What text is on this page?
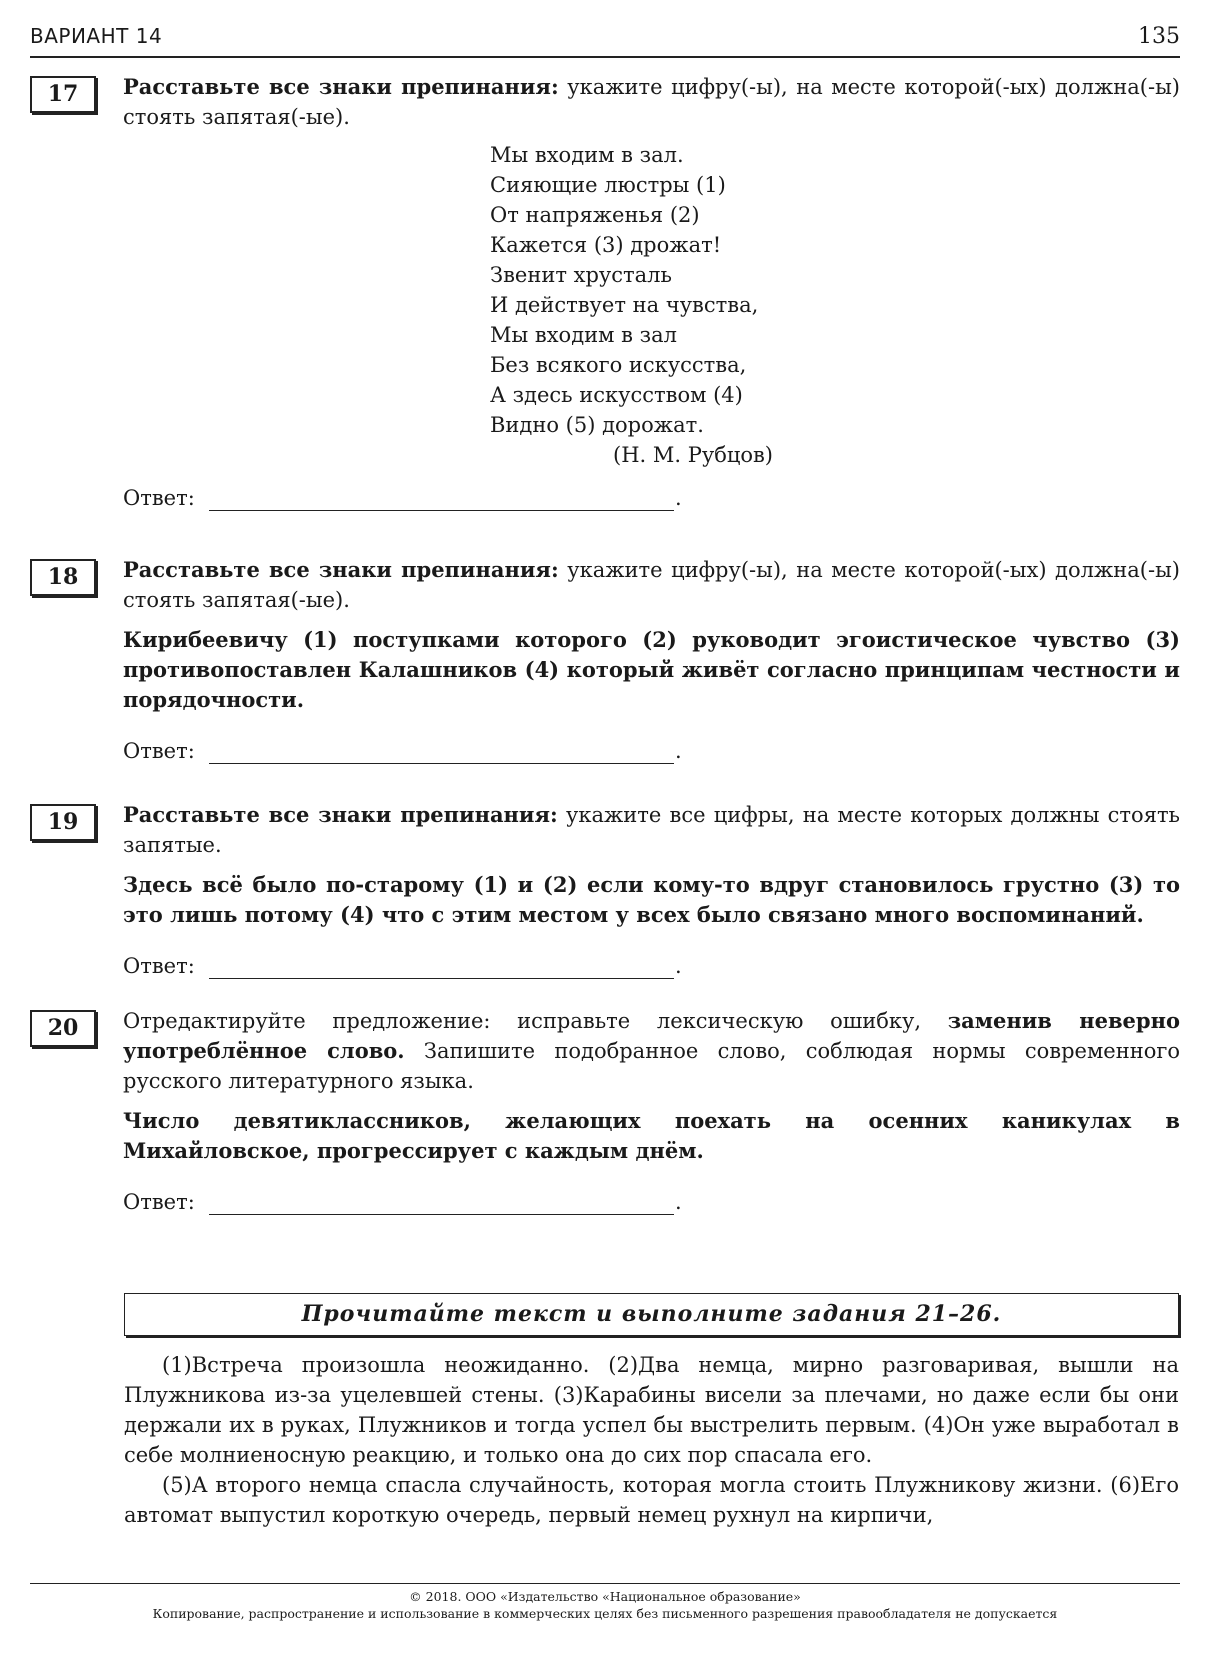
ВАРИАНТ 14	135
17	Расставьте все знаки препинания: укажите цифру(-ы), на месте которой(-ых) должна(-ы) стоять запятая(-ые).

Мы входим в зал.
Сияющие люстры (1)
От напряженья (2)
Кажется (3) дрожат!
Звенит хрусталь
И действует на чувства,
Мы входим в зал
Без всякого искусства,
А здесь искусством (4)
Видно (5) дорожат.
(Н. М. Рубцов)
Ответ:	.
18	Расставьте все знаки препинания: укажите цифру(-ы), на месте которой(-ых) должна(-ы) стоять запятая(-ые).

Кирибеевичу (1) поступками которого (2) руководит эгоистическое чувство (3) противопоставлен Калашников (4) который живёт согласно принципам честности и порядочности.

Ответ:	.
19	Расставьте все знаки препинания: укажите все цифры, на месте которых должны стоять запятые.

Здесь всё было по-старому (1) и (2) если кому-то вдруг становилось грустно (3) то это лишь потому (4) что с этим местом у всех было связано много воспоминаний.

Ответ:	.
20	Отредактируйте предложение: исправьте лексическую ошибку, заменив неверно употреблённое слово. Запишите подобранное слово, соблюдая нормы современного русского литературного языка.

Число девятиклассников, желающих поехать на осенних каникулах в Михайловское, прогрессирует с каждым днём.

Ответ:	.
Прочитайте текст и выполните задания 21–26.

(1)Встреча произошла неожиданно. (2)Два немца, мирно разговаривая, вышли на Плужникова из-за уцелевшей стены. (3)Карабины висели за плечами, но даже если бы они держали их в руках, Плужников и тогда успел бы выстрелить первым. (4)Он уже выработал в себе молниеносную реакцию, и только она до сих пор спасала его.

(5)А второго немца спасла случайность, которая могла стоить Плужникову жизни. (6)Его автомат выпустил короткую очередь, первый немец рухнул на кирпичи,

© 2018. ООО «Издательство «Национальное образование»
Копирование, распространение и использование в коммерческих целях без письменного разрешения правообладателя не допускается
